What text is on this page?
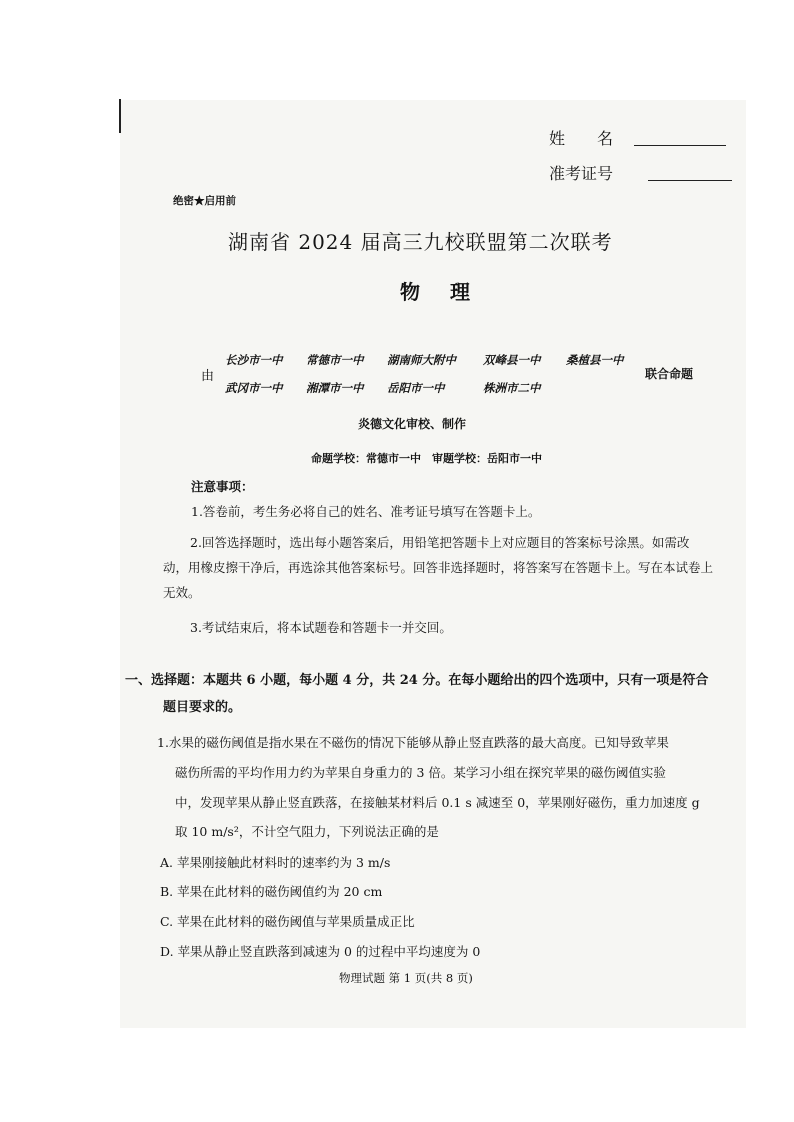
姓　　名
准考证号
绝密★启用前
湖南省 2024 届高三九校联盟第二次联考
物理
由
长沙市一中 常德市一中 湖南师大附中 双峰县一中 桑植县一中
武冈市一中 湘潭市一中 岳阳市一中	株洲市二中
联合命题
炎德文化审校、制作
命题学校：常德市一中　审题学校：岳阳市一中
注意事项：
1.答卷前，考生务必将自己的姓名、准考证号填写在答题卡上。
2.回答选择题时，选出每小题答案后，用铅笔把答题卡上对应题目的答案标号涂黑。如需改
动，用橡皮擦干净后，再选涂其他答案标号。回答非选择题时，将答案写在答题卡上。写在本试卷上
无效。
3.考试结束后，将本试题卷和答题卡一并交回。
一、选择题：本题共 6 小题，每小题 4 分，共 24 分。在每小题给出的四个选项中，只有一项是符合
题目要求的。
1.水果的磁伤阈值是指水果在不磁伤的情况下能够从静止竖直跌落的最大高度。已知导致苹果
磁伤所需的平均作用力约为苹果自身重力的 3 倍。某学习小组在探究苹果的磁伤阈值实验
中，发现苹果从静止竖直跌落，在接触某材料后 0.1 s 减速至 0，苹果刚好磁伤，重力加速度 g
取 10 m/s²，不计空气阻力，下列说法正确的是
A. 苹果刚接触此材料时的速率约为 3 m/s
B. 苹果在此材料的磁伤阈值约为 20 cm
C. 苹果在此材料的磁伤阈值与苹果质量成正比
D. 苹果从静止竖直跌落到减速为 0 的过程中平均速度为 0
物理试题 第 1 页(共 8 页)
